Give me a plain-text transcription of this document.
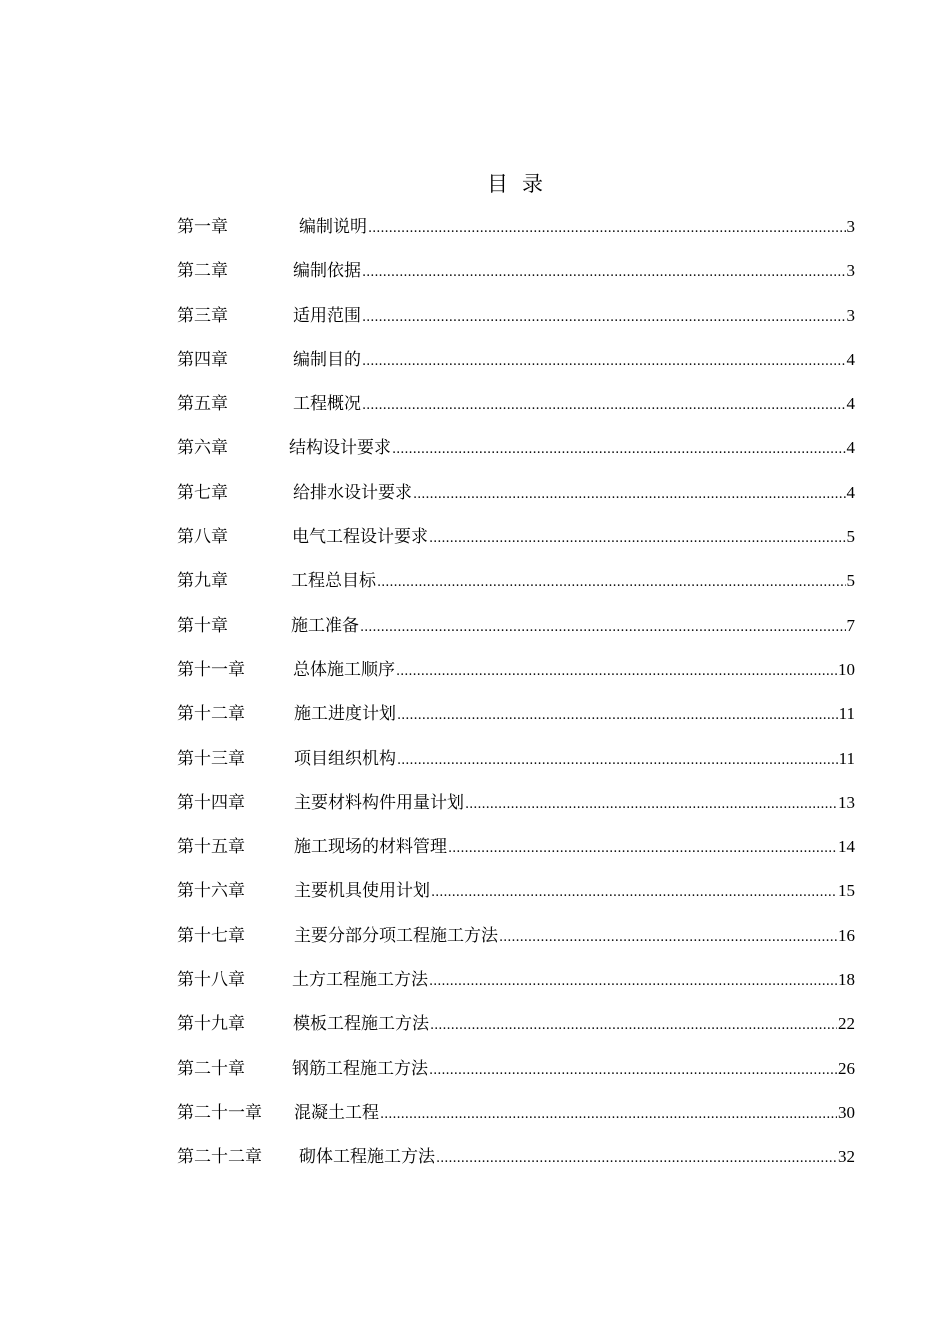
目 录
第一章	编制说明 .....	3
第二章	编制依据 .....	3
第三章	适用范围 .....	3
第四章	编制目的 .....	4
第五章	工程概况 .....	4
第六章	结构设计要求 .....	4
第七章	给排水设计要求 .....	4
第八章	电气工程设计要求 .....	5
第九章	工程总目标 .....	5
第十章	施工准备 .....	7
第十一章	总体施工顺序 .....	10
第十二章	施工进度计划 .....	11
第十三章	项目组织机构 .....	11
第十四章	主要材料构件用量计划 .....	13
第十五章	施工现场的材料管理 .....	14
第十六章	主要机具使用计划 .....	15
第十七章	主要分部分项工程施工方法 .....	16
第十八章	土方工程施工方法 .....	18
第十九章	模板工程施工方法 .....	22
第二十章	钢筋工程施工方法 .....	26
第二十一章	混凝土工程 .....	30
第二十二章	砌体工程施工方法 .....	32
